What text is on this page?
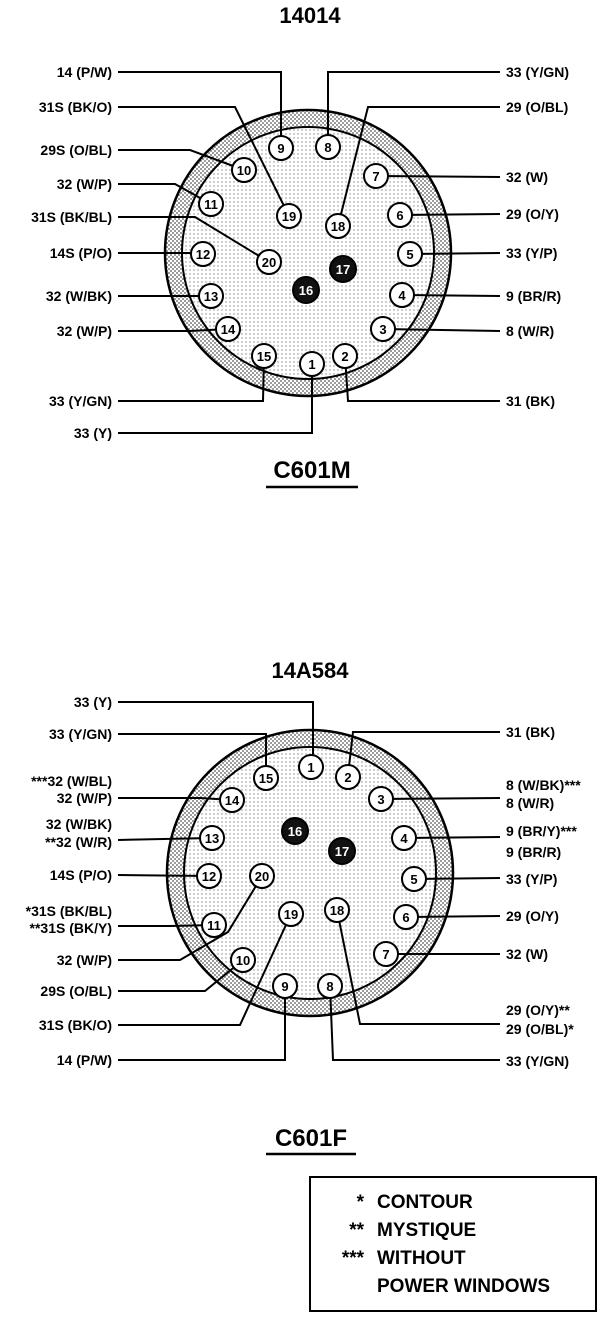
14014
1
2
3
4
5
6
7
8
9
10
11
12
13
14
15
16
17
18
19
20
14 (P/W)
31S (BK/O)
29S (O/BL)
32 (W/P)
31S (BK/BL)
14S (P/O)
32 (W/BK)
32 (W/P)
33 (Y/GN)
33 (Y)
33 (Y/GN)
29 (O/BL)
32 (W)
29 (O/Y)
33 (Y/P)
9 (BR/R)
8 (W/R)
31 (BK)
C601M
14A584
1
2
3
4
5
6
7
8
9
10
11
12
13
14
15
16
17
18
19
20
33 (Y)
33 (Y/GN)
***32 (W/BL)
32 (W/P)
32 (W/BK)
**32 (W/R)
14S (P/O)
*31S (BK/BL)
**31S (BK/Y)
32 (W/P)
29S (O/BL)
31S (BK/O)
14 (P/W)
31 (BK)
8 (W/BK)***
8 (W/R)
9 (BR/Y)***
9 (BR/R)
33 (Y/P)
29 (O/Y)
32 (W)
29 (O/Y)**
29 (O/BL)*
33 (Y/GN)
C601F
* CONTOUR
** MYSTIQUE
*** WITHOUT
POWER WINDOWS
